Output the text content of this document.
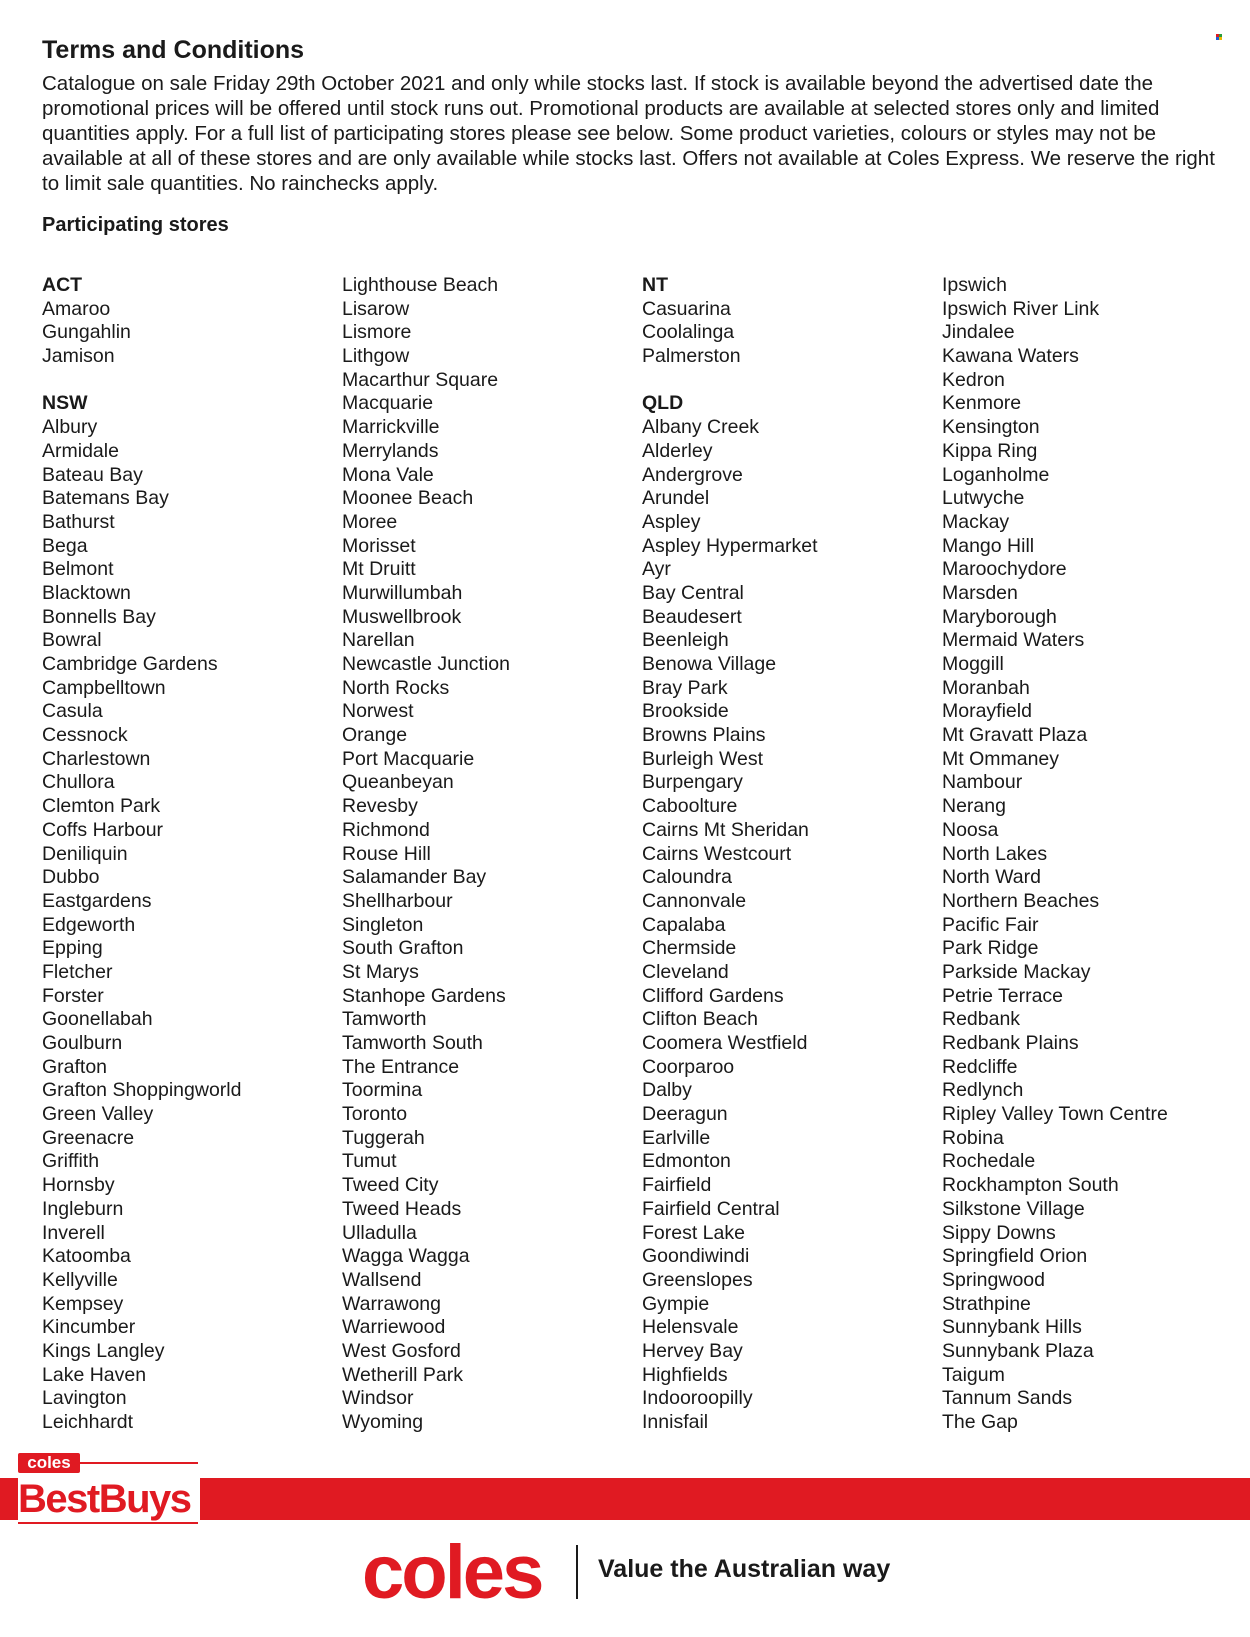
Terms and Conditions
Catalogue on sale Friday 29th October 2021 and only while stocks last. If stock is available beyond the advertised date the promotional prices will be offered until stock runs out. Promotional products are available at selected stores only and limited quantities apply. For a full list of participating stores please see below. Some product varieties, colours or styles may not be available at all of these stores and are only available while stocks last. Offers not available at Coles Express. We reserve the right to limit sale quantities. No rainchecks apply.
Participating stores
ACT
Amaroo
Gungahlin
Jamison
NSW
Albury
Armidale
Bateau Bay
Batemans Bay
Bathurst
Bega
Belmont
Blacktown
Bonnells Bay
Bowral
Cambridge Gardens
Campbelltown
Casula
Cessnock
Charlestown
Chullora
Clemton Park
Coffs Harbour
Deniliquin
Dubbo
Eastgardens
Edgeworth
Epping
Fletcher
Forster
Goonellabah
Goulburn
Grafton
Grafton Shoppingworld
Green Valley
Greenacre
Griffith
Hornsby
Ingleburn
Inverell
Katoomba
Kellyville
Kempsey
Kincumber
Kings Langley
Lake Haven
Lavington
Leichhardt
Lighthouse Beach
Lisarow
Lismore
Lithgow
Macarthur Square
Macquarie
Marrickville
Merrylands
Mona Vale
Moonee Beach
Moree
Morisset
Mt Druitt
Murwillumbah
Muswellbrook
Narellan
Newcastle Junction
North Rocks
Norwest
Orange
Port Macquarie
Queanbeyan
Revesby
Richmond
Rouse Hill
Salamander Bay
Shellharbour
Singleton
South Grafton
St Marys
Stanhope Gardens
Tamworth
Tamworth South
The Entrance
Toormina
Toronto
Tuggerah
Tumut
Tweed City
Tweed Heads
Ulladulla
Wagga Wagga
Wallsend
Warrawong
Warriewood
West Gosford
Wetherill Park
Windsor
Wyoming
NT
Casuarina
Coolalinga
Palmerston
QLD
Albany Creek
Alderley
Andergrove
Arundel
Aspley
Aspley Hypermarket
Ayr
Bay Central
Beaudesert
Beenleigh
Benowa Village
Bray Park
Brookside
Browns Plains
Burleigh West
Burpengary
Caboolture
Cairns Mt Sheridan
Cairns Westcourt
Caloundra
Cannonvale
Capalaba
Chermside
Cleveland
Clifford Gardens
Clifton Beach
Coomera Westfield
Coorparoo
Dalby
Deeragun
Earlville
Edmonton
Fairfield
Fairfield Central
Forest Lake
Goondiwindi
Greenslopes
Gympie
Helensvale
Hervey Bay
Highfields
Indooroopilly
Innisfail
Ipswich
Ipswich River Link
Jindalee
Kawana Waters
Kedron
Kenmore
Kensington
Kippa Ring
Loganholme
Lutwyche
Mackay
Mango Hill
Maroochydore
Marsden
Maryborough
Mermaid Waters
Moggill
Moranbah
Morayfield
Mt Gravatt Plaza
Mt Ommaney
Nambour
Nerang
Noosa
North Lakes
North Ward
Northern Beaches
Pacific Fair
Park Ridge
Parkside Mackay
Petrie Terrace
Redbank
Redbank Plains
Redcliffe
Redlynch
Ripley Valley Town Centre
Robina
Rochedale
Rockhampton South
Silkstone Village
Sippy Downs
Springfield Orion
Springwood
Strathpine
Sunnybank Hills
Sunnybank Plaza
Taigum
Tannum Sands
The Gap
coles
BestBuys
coles Value the Australian way
